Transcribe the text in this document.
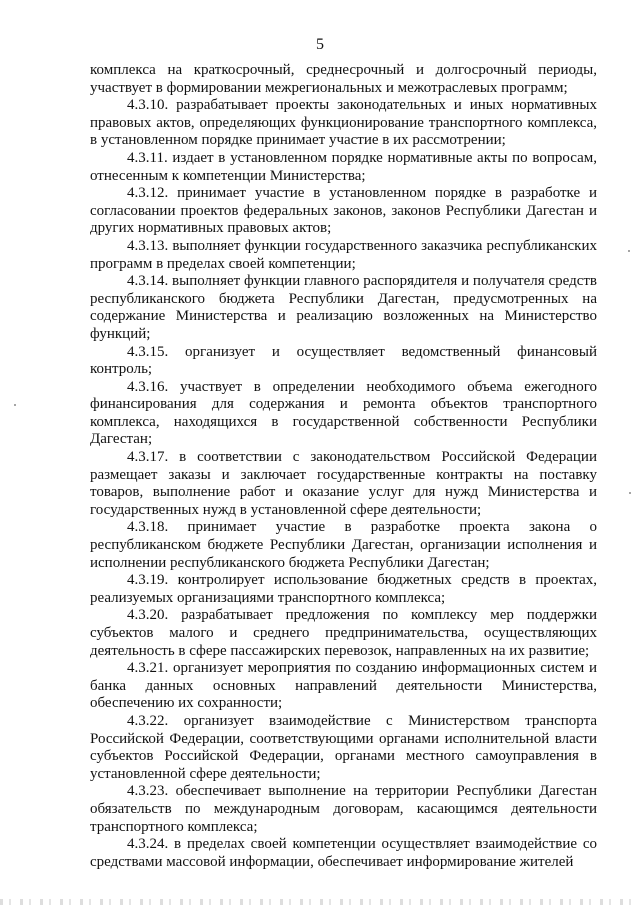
5

комплекса на краткосрочный, среднесрочный и долгосрочный периоды, участвует в формировании межрегиональных и межотраслевых программ;

4.3.10. разрабатывает проекты законодательных и иных нормативных правовых актов, определяющих функционирование транспортного комплекса, в установленном порядке принимает участие в их рассмотрении;

4.3.11. издает в установленном порядке нормативные акты по вопросам, отнесенным к компетенции Министерства;

4.3.12. принимает участие в установленном порядке в разработке и согласовании проектов федеральных законов, законов Республики Дагестан и других нормативных правовых актов;

4.3.13. выполняет функции государственного заказчика республиканских программ в пределах своей компетенции;

4.3.14. выполняет функции главного распорядителя и получателя средств республиканского бюджета Республики Дагестан, предусмотренных на содержание Министерства и реализацию возложенных на Министерство функций;

4.3.15. организует и осуществляет ведомственный финансовый контроль;

4.3.16. участвует в определении необходимого объема ежегодного финансирования для содержания и ремонта объектов транспортного комплекса, находящихся в государственной собственности Республики Дагестан;

4.3.17. в соответствии с законодательством Российской Федерации размещает заказы и заключает государственные контракты на поставку товаров, выполнение работ и оказание услуг для нужд Министерства и государственных нужд в установленной сфере деятельности;

4.3.18. принимает участие в разработке проекта закона о республиканском бюджете Республики Дагестан, организации исполнения и исполнении республиканского бюджета Республики Дагестан;

4.3.19. контролирует использование бюджетных средств в проектах, реализуемых организациями транспортного комплекса;

4.3.20. разрабатывает предложения по комплексу мер поддержки субъектов малого и среднего предпринимательства, осуществляющих деятельность в сфере пассажирских перевозок, направленных на их развитие;

4.3.21. организует мероприятия по созданию информационных систем и банка данных основных направлений деятельности Министерства, обеспечению их сохранности;

4.3.22. организует взаимодействие с Министерством транспорта Российской Федерации, соответствующими органами исполнительной власти субъектов Российской Федерации, органами местного самоуправления в установленной сфере деятельности;

4.3.23. обеспечивает выполнение на территории Республики Дагестан обязательств по международным договорам, касающимся деятельности транспортного комплекса;

4.3.24. в пределах своей компетенции осуществляет взаимодействие со средствами массовой информации, обеспечивает информирование жителей
